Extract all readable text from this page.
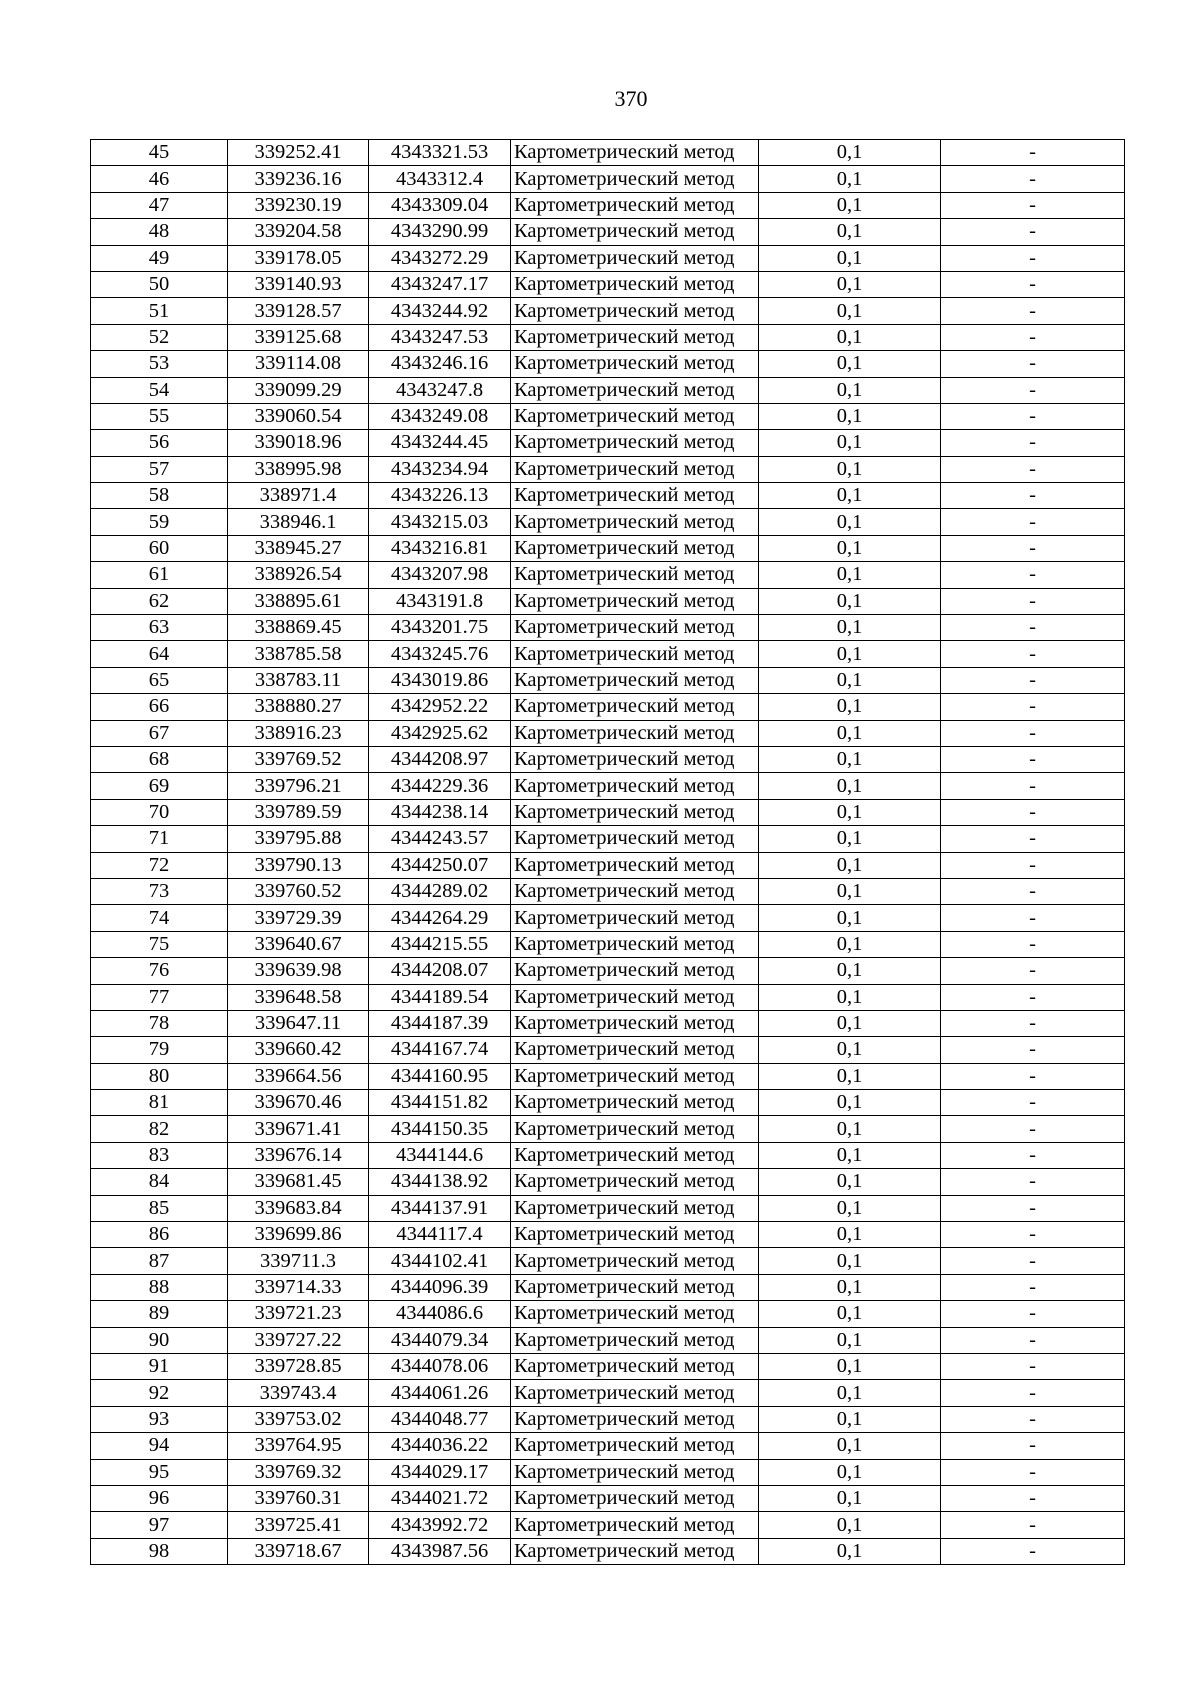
370
45	339252.41	4343321.53	Картометрический метод	0,1	-
46	339236.16	4343312.4	Картометрический метод	0,1	-
47	339230.19	4343309.04	Картометрический метод	0,1	-
48	339204.58	4343290.99	Картометрический метод	0,1	-
49	339178.05	4343272.29	Картометрический метод	0,1	-
50	339140.93	4343247.17	Картометрический метод	0,1	-
51	339128.57	4343244.92	Картометрический метод	0,1	-
52	339125.68	4343247.53	Картометрический метод	0,1	-
53	339114.08	4343246.16	Картометрический метод	0,1	-
54	339099.29	4343247.8	Картометрический метод	0,1	-
55	339060.54	4343249.08	Картометрический метод	0,1	-
56	339018.96	4343244.45	Картометрический метод	0,1	-
57	338995.98	4343234.94	Картометрический метод	0,1	-
58	338971.4	4343226.13	Картометрический метод	0,1	-
59	338946.1	4343215.03	Картометрический метод	0,1	-
60	338945.27	4343216.81	Картометрический метод	0,1	-
61	338926.54	4343207.98	Картометрический метод	0,1	-
62	338895.61	4343191.8	Картометрический метод	0,1	-
63	338869.45	4343201.75	Картометрический метод	0,1	-
64	338785.58	4343245.76	Картометрический метод	0,1	-
65	338783.11	4343019.86	Картометрический метод	0,1	-
66	338880.27	4342952.22	Картометрический метод	0,1	-
67	338916.23	4342925.62	Картометрический метод	0,1	-
68	339769.52	4344208.97	Картометрический метод	0,1	-
69	339796.21	4344229.36	Картометрический метод	0,1	-
70	339789.59	4344238.14	Картометрический метод	0,1	-
71	339795.88	4344243.57	Картометрический метод	0,1	-
72	339790.13	4344250.07	Картометрический метод	0,1	-
73	339760.52	4344289.02	Картометрический метод	0,1	-
74	339729.39	4344264.29	Картометрический метод	0,1	-
75	339640.67	4344215.55	Картометрический метод	0,1	-
76	339639.98	4344208.07	Картометрический метод	0,1	-
77	339648.58	4344189.54	Картометрический метод	0,1	-
78	339647.11	4344187.39	Картометрический метод	0,1	-
79	339660.42	4344167.74	Картометрический метод	0,1	-
80	339664.56	4344160.95	Картометрический метод	0,1	-
81	339670.46	4344151.82	Картометрический метод	0,1	-
82	339671.41	4344150.35	Картометрический метод	0,1	-
83	339676.14	4344144.6	Картометрический метод	0,1	-
84	339681.45	4344138.92	Картометрический метод	0,1	-
85	339683.84	4344137.91	Картометрический метод	0,1	-
86	339699.86	4344117.4	Картометрический метод	0,1	-
87	339711.3	4344102.41	Картометрический метод	0,1	-
88	339714.33	4344096.39	Картометрический метод	0,1	-
89	339721.23	4344086.6	Картометрический метод	0,1	-
90	339727.22	4344079.34	Картометрический метод	0,1	-
91	339728.85	4344078.06	Картометрический метод	0,1	-
92	339743.4	4344061.26	Картометрический метод	0,1	-
93	339753.02	4344048.77	Картометрический метод	0,1	-
94	339764.95	4344036.22	Картометрический метод	0,1	-
95	339769.32	4344029.17	Картометрический метод	0,1	-
96	339760.31	4344021.72	Картометрический метод	0,1	-
97	339725.41	4343992.72	Картометрический метод	0,1	-
98	339718.67	4343987.56	Картометрический метод	0,1	-
